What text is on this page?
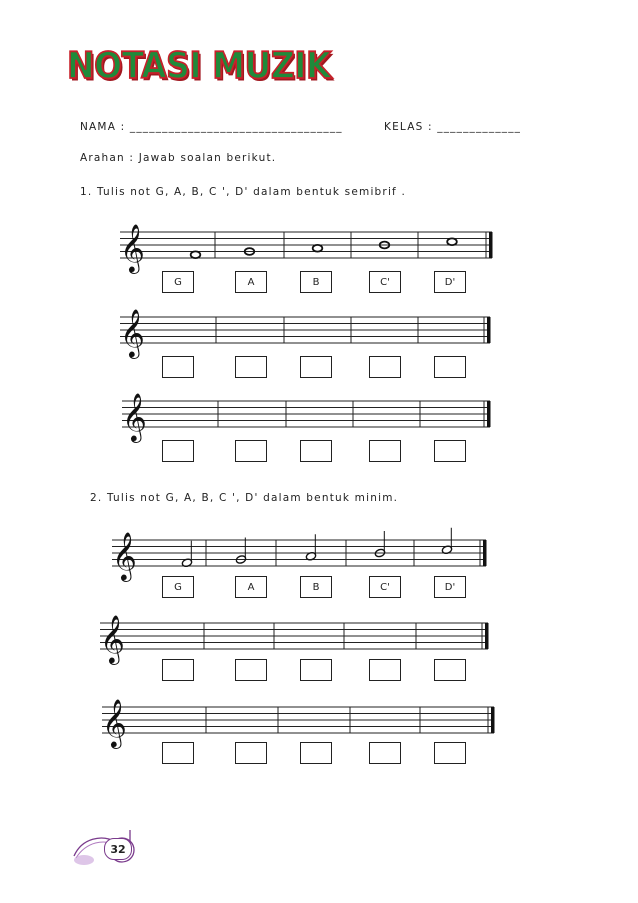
NOTASI MUZIK
NAMA : _________________________________	KELAS : _____________
Arahan : Jawab soalan berikut.
1. Tulis not G, A, B, C ', D' dalam bentuk semibrif .
𝄞
𝄞
𝄞
G	A	B	C'	D'
2. Tulis not G, A, B, C ', D' dalam bentuk minim.
𝄞
𝄞
𝄞
G	A	B	C'	D'
32
